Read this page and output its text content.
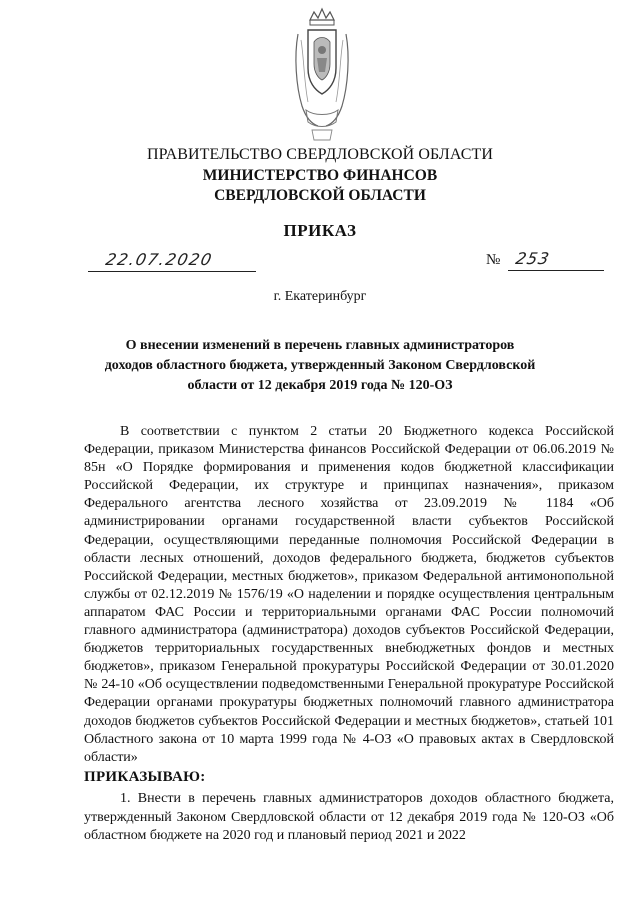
ПРАВИТЕЛЬСТВО СВЕРДЛОВСКОЙ ОБЛАСТИ
МИНИСТЕРСТВО ФИНАНСОВ
СВЕРДЛОВСКОЙ ОБЛАСТИ
ПРИКАЗ
22.07.2020	№ 253
г. Екатеринбург
О внесении изменений в перечень главных администраторов доходов областного бюджета, утвержденный Законом Свердловской области от 12 декабря 2019 года № 120-ОЗ
В соответствии с пунктом 2 статьи 20 Бюджетного кодекса Российской Федерации, приказом Министерства финансов Российской Федерации от 06.06.2019 № 85н «О Порядке формирования и применения кодов бюджетной классификации Российской Федерации, их структуре и принципах назначения», приказом Федерального агентства лесного хозяйства от 23.09.2019 № 1184 «Об администрировании органами государственной власти субъектов Российской Федерации, осуществляющими переданные полномочия Российской Федерации в области лесных отношений, доходов федерального бюджета, бюджетов субъектов Российской Федерации, местных бюджетов», приказом Федеральной антимонопольной службы от 02.12.2019 № 1576/19 «О наделении и порядке осуществления центральным аппаратом ФАС России и территориальными органами ФАС России полномочий главного администратора (администратора) доходов субъектов Российской Федерации, бюджетов территориальных государственных внебюджетных фондов и местных бюджетов», приказом Генеральной прокуратуры Российской Федерации от 30.01.2020 № 24-10 «Об осуществлении подведомственными Генеральной прокуратуре Российской Федерации органами прокуратуры бюджетных полномочий главного администратора доходов бюджетов субъектов Российской Федерации и местных бюджетов», статьей 101 Областного закона от 10 марта 1999 года № 4-ОЗ «О правовых актах в Свердловской области»
ПРИКАЗЫВАЮ:
1. Внести в перечень главных администраторов доходов областного бюджета, утвержденный Законом Свердловской области от 12 декабря 2019 года № 120-ОЗ «Об областном бюджете на 2020 год и плановый период 2021 и 2022
